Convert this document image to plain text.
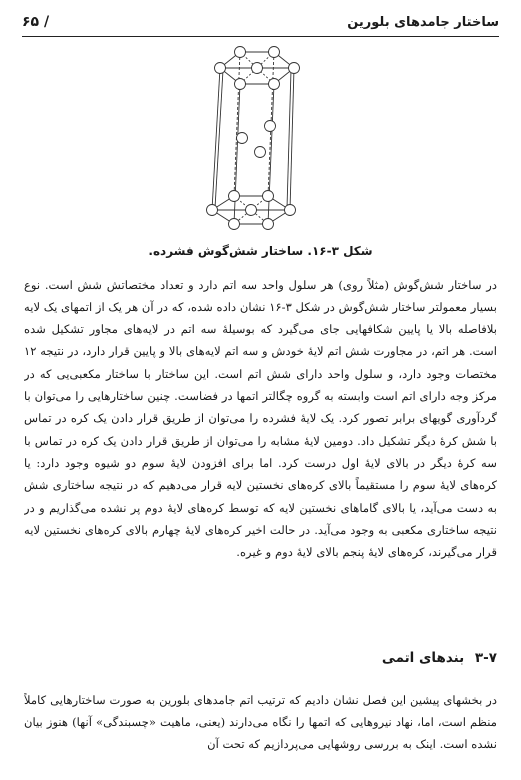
ساختار جامدهای بلورین
/ ۶۵
شکل ۳-۱۶. ساختار شش‌گوش فشرده.

در ساختار شش‌گوش (مثلاً روی) هر سلول واحد سه اتم دارد و تعداد مختصاتش شش است. نوع بسیار معمولتر ساختار شش‌گوش در شکل ۳-۱۶ نشان داده شده، که در آن هر یک از اتمهای یک لایه بلافاصله بالا یا پایین شکافهایی جای می‌گیرد که بوسیلهٔ سه اتم در لایه‌های مجاور تشکیل شده است. هر اتم، در مجاورت شش اتم لایهٔ خودش و سه اتم لایه‌های بالا و پایین قرار دارد، در نتیجه ۱۲ مختصات وجود دارد، و سلول واحد دارای شش اتم است. این ساختار با ساختار مکعبی‌یی که در مرکز وجه دارای اتم است وابسته به گروه چگالتر اتمها در فضاست. چنین ساختارهایی را می‌توان با گردآوری گویهای برابر تصور کرد. یک لایهٔ فشرده را می‌توان از طریق قرار دادن یک کره در تماس با شش کرهٔ دیگر تشکیل داد. دومین لایهٔ مشابه را می‌توان از طریق قرار دادن یک کره در تماس با سه کرهٔ دیگر در بالای لایهٔ اول درست کرد. اما برای افزودن لایهٔ سوم دو شیوه وجود دارد: یا کره‌های لایهٔ سوم را مستقیماً بالای کره‌های نخستین لایه قرار می‌دهیم که در نتیجه ساختاری شش به دست می‌آید، یا بالای گاماهای نخستین لایه که توسط کره‌های لایهٔ دوم پر نشده می‌گذاریم و در نتیجه ساختاری مکعبی به وجود می‌آید. در حالت اخیر کره‌های لایهٔ چهارم بالای کره‌های نخستین لایه قرار می‌گیرند، کره‌های لایهٔ پنجم بالای لایهٔ دوم و غیره.

۳-۷ بندهای اتمی

در بخشهای پیشین این فصل نشان دادیم که ترتیب اتم جامدهای بلورین به صورت ساختارهایی کاملاً منظم است، اما، نهاد نیروهایی که اتمها را نگاه می‌دارند (یعنی، ماهیت «چسبندگی» آنها) هنوز بیان نشده است. اینک به بررسی روشهایی می‌پردازیم که تحت آن
